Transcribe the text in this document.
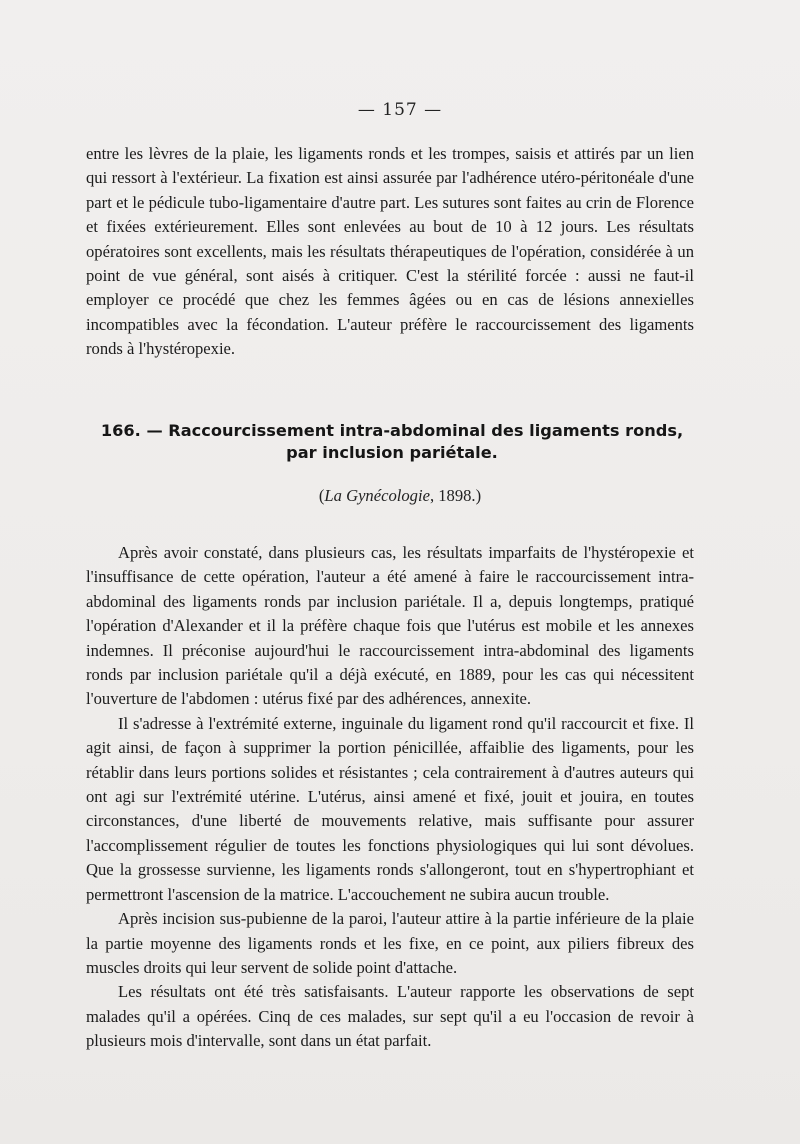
— 157 —

entre les lèvres de la plaie, les ligaments ronds et les trompes, saisis et attirés par un lien qui ressort à l'extérieur. La fixation est ainsi assurée par l'adhérence utéro-péritonéale d'une part et le pédicule tubo-ligamentaire d'autre part. Les sutures sont faites au crin de Florence et fixées extérieurement. Elles sont enlevées au bout de 10 à 12 jours. Les résultats opératoires sont excellents, mais les résultats thérapeutiques de l'opération, considérée à un point de vue général, sont aisés à critiquer. C'est la stérilité forcée : aussi ne faut-il employer ce procédé que chez les femmes âgées ou en cas de lésions annexielles incompatibles avec la fécondation. L'auteur préfère le raccourcissement des ligaments ronds à l'hystéropexie.

166. — Raccourcissement intra-abdominal des ligaments ronds,
par inclusion pariétale.
(La Gynécologie, 1898.)

Après avoir constaté, dans plusieurs cas, les résultats imparfaits de l'hystéropexie et l'insuffisance de cette opération, l'auteur a été amené à faire le raccourcissement intra-abdominal des ligaments ronds par inclusion pariétale. Il a, depuis longtemps, pratiqué l'opération d'Alexander et il la préfère chaque fois que l'utérus est mobile et les annexes indemnes. Il préconise aujourd'hui le raccourcissement intra-abdominal des ligaments ronds par inclusion pariétale qu'il a déjà exécuté, en 1889, pour les cas qui nécessitent l'ouverture de l'abdomen : utérus fixé par des adhérences, annexite.

Il s'adresse à l'extrémité externe, inguinale du ligament rond qu'il raccourcit et fixe. Il agit ainsi, de façon à supprimer la portion pénicillée, affaiblie des ligaments, pour les rétablir dans leurs portions solides et résistantes ; cela contrairement à d'autres auteurs qui ont agi sur l'extrémité utérine. L'utérus, ainsi amené et fixé, jouit et jouira, en toutes circonstances, d'une liberté de mouvements relative, mais suffisante pour assurer l'accomplissement régulier de toutes les fonctions physiologiques qui lui sont dévolues. Que la grossesse survienne, les ligaments ronds s'allongeront, tout en s'hypertrophiant et permettront l'ascension de la matrice. L'accouchement ne subira aucun trouble.

Après incision sus-pubienne de la paroi, l'auteur attire à la partie inférieure de la plaie la partie moyenne des ligaments ronds et les fixe, en ce point, aux piliers fibreux des muscles droits qui leur servent de solide point d'attache.

Les résultats ont été très satisfaisants. L'auteur rapporte les observations de sept malades qu'il a opérées. Cinq de ces malades, sur sept qu'il a eu l'occasion de revoir à plusieurs mois d'intervalle, sont dans un état parfait.
